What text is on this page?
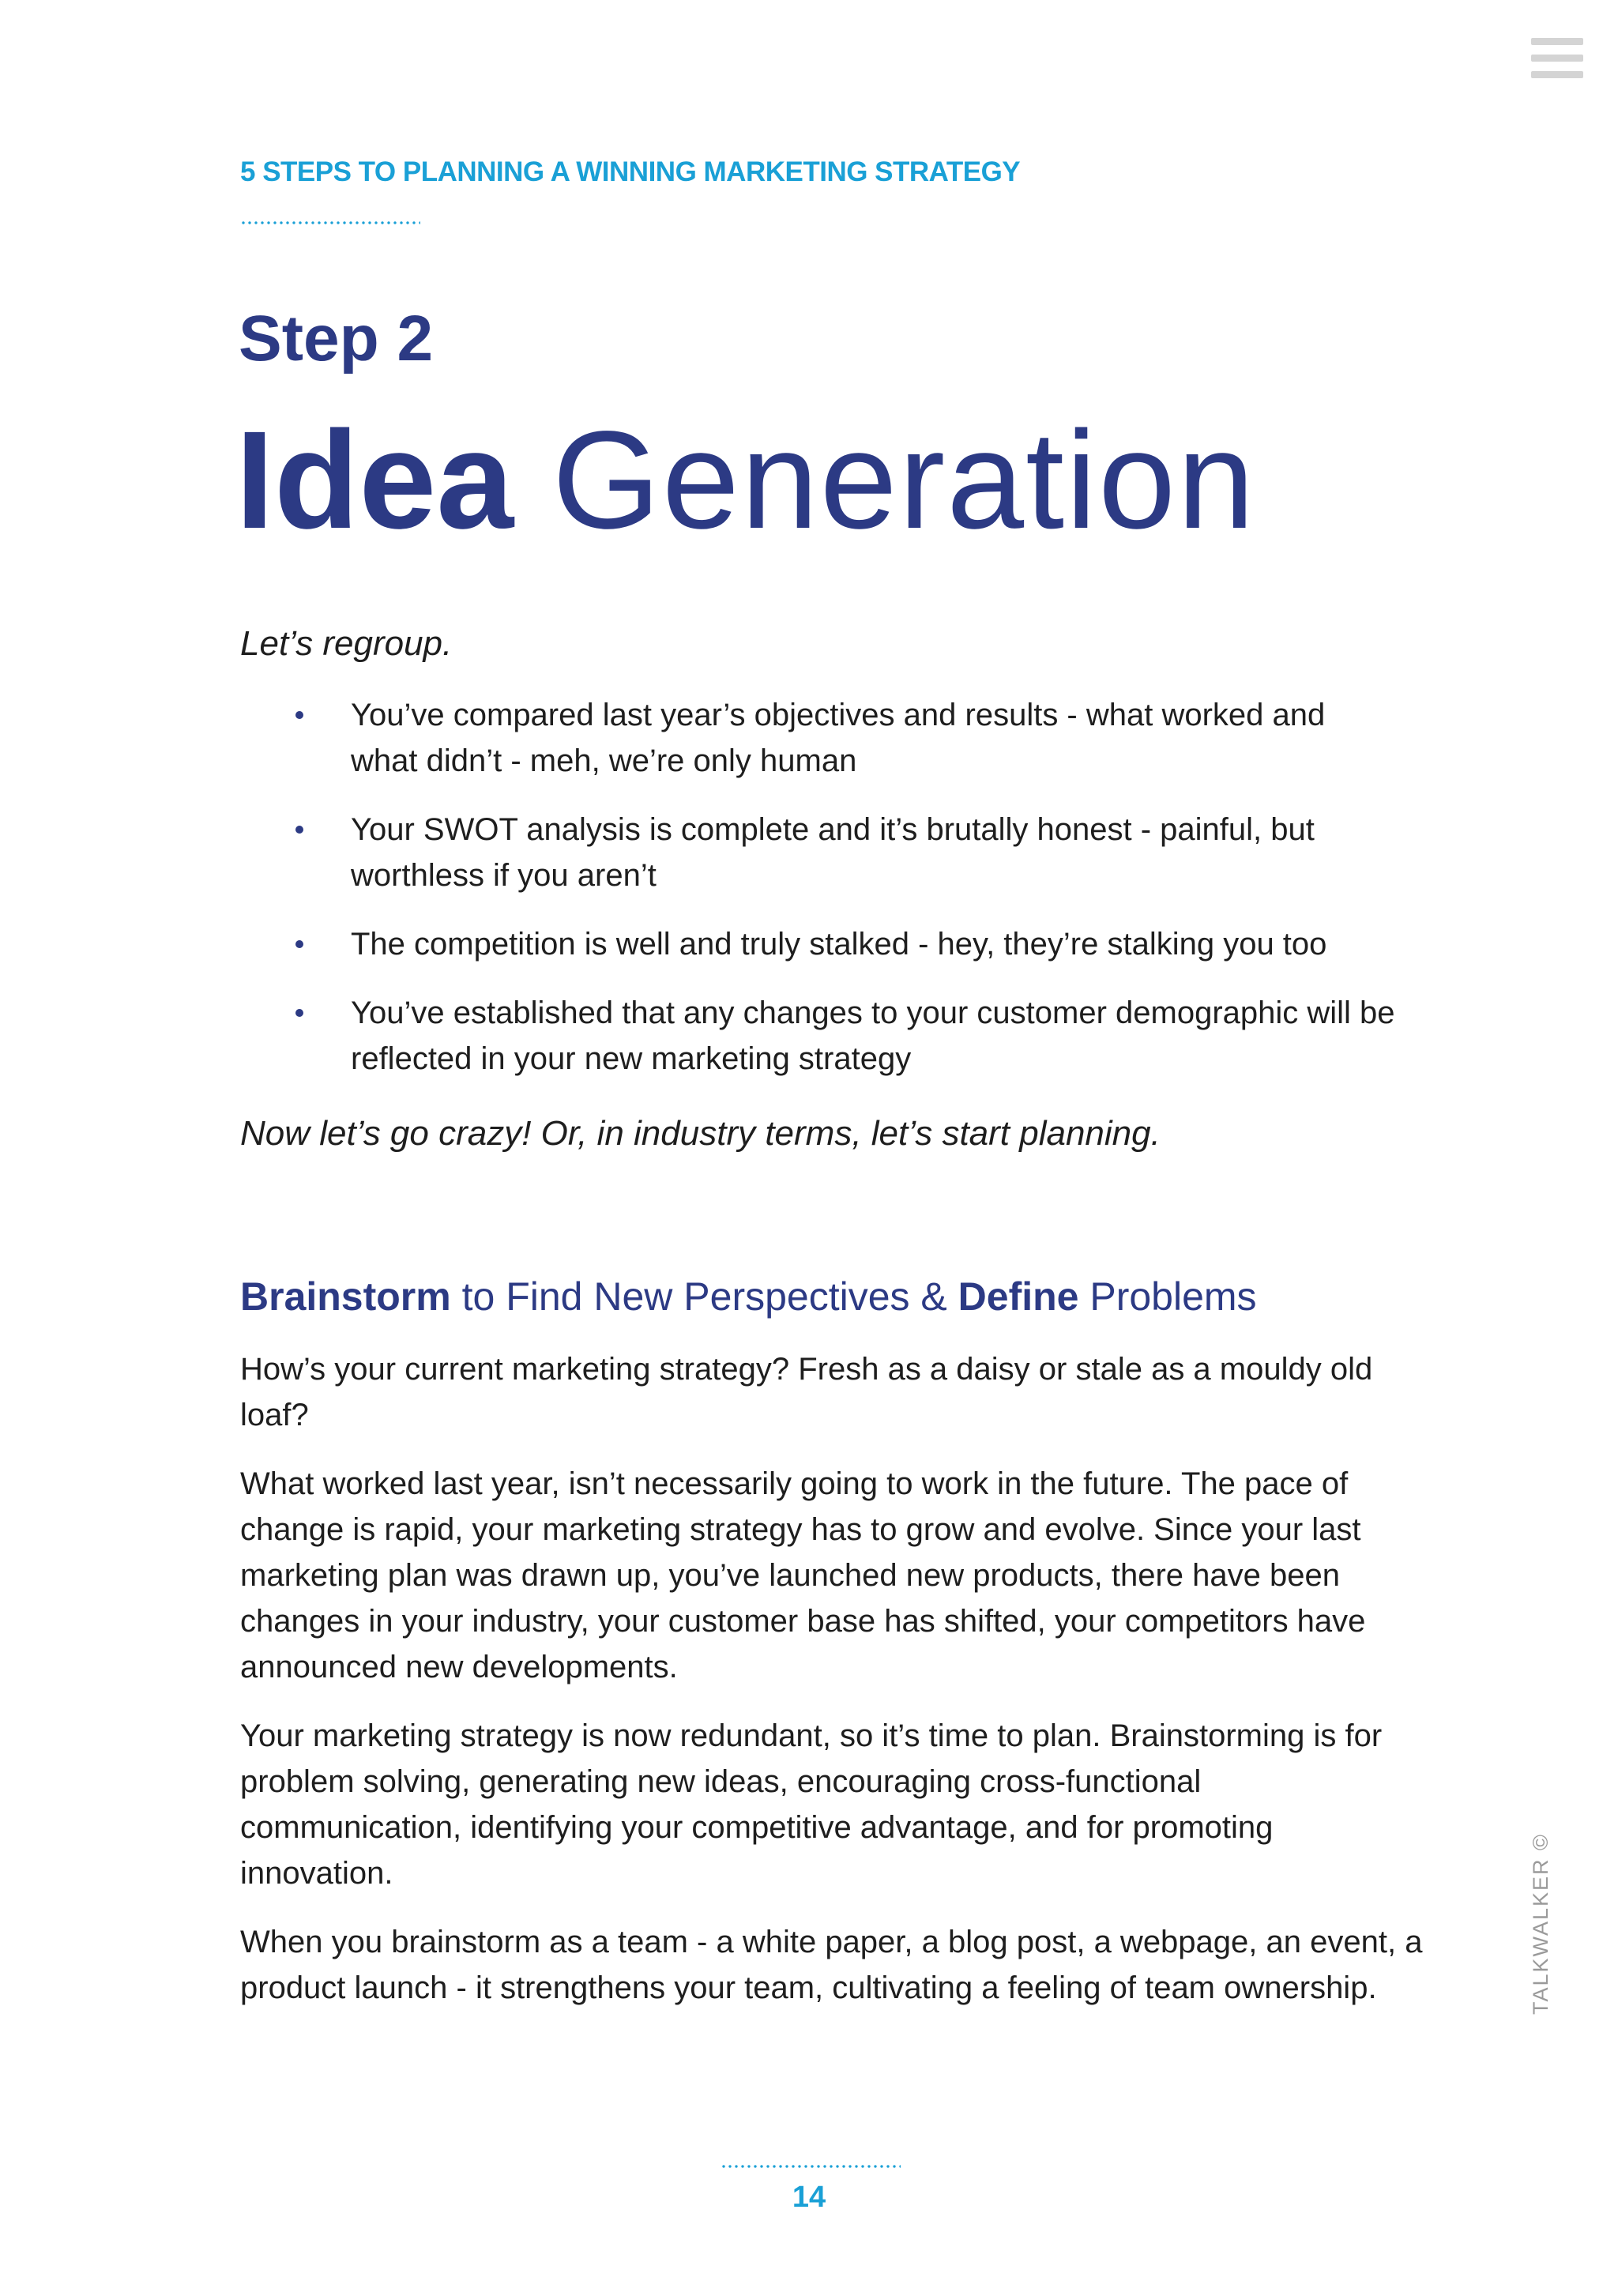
5 STEPS TO PLANNING A WINNING MARKETING STRATEGY
Step 2
Idea Generation
Let’s regroup.
You’ve compared last year’s objectives and results - what worked and what didn’t - meh, we’re only human
Your SWOT analysis is complete and it’s brutally honest - painful, but worthless if you aren’t
The competition is well and truly stalked - hey, they’re stalking you too
You’ve established that any changes to your customer demographic will be reflected in your new marketing strategy
Now let’s go crazy! Or, in industry terms, let’s start planning.
Brainstorm to Find New Perspectives & Define Problems

How’s your current marketing strategy? Fresh as a daisy or stale as a mouldy old loaf?

What worked last year, isn’t necessarily going to work in the future. The pace of change is rapid, your marketing strategy has to grow and evolve. Since your last marketing plan was drawn up, you’ve launched new products, there have been changes in your industry, your customer base has shifted, your competitors have announced new developments.

Your marketing strategy is now redundant, so it’s time to plan. Brainstorming is for problem solving, generating new ideas, encouraging cross-functional communication, identifying your competitive advantage, and for promoting innovation.

When you brainstorm as a team - a white paper, a blog post, a webpage, an event, a product launch - it strengthens your team, cultivating a feeling of team ownership.	TALKWALKER ©
14
